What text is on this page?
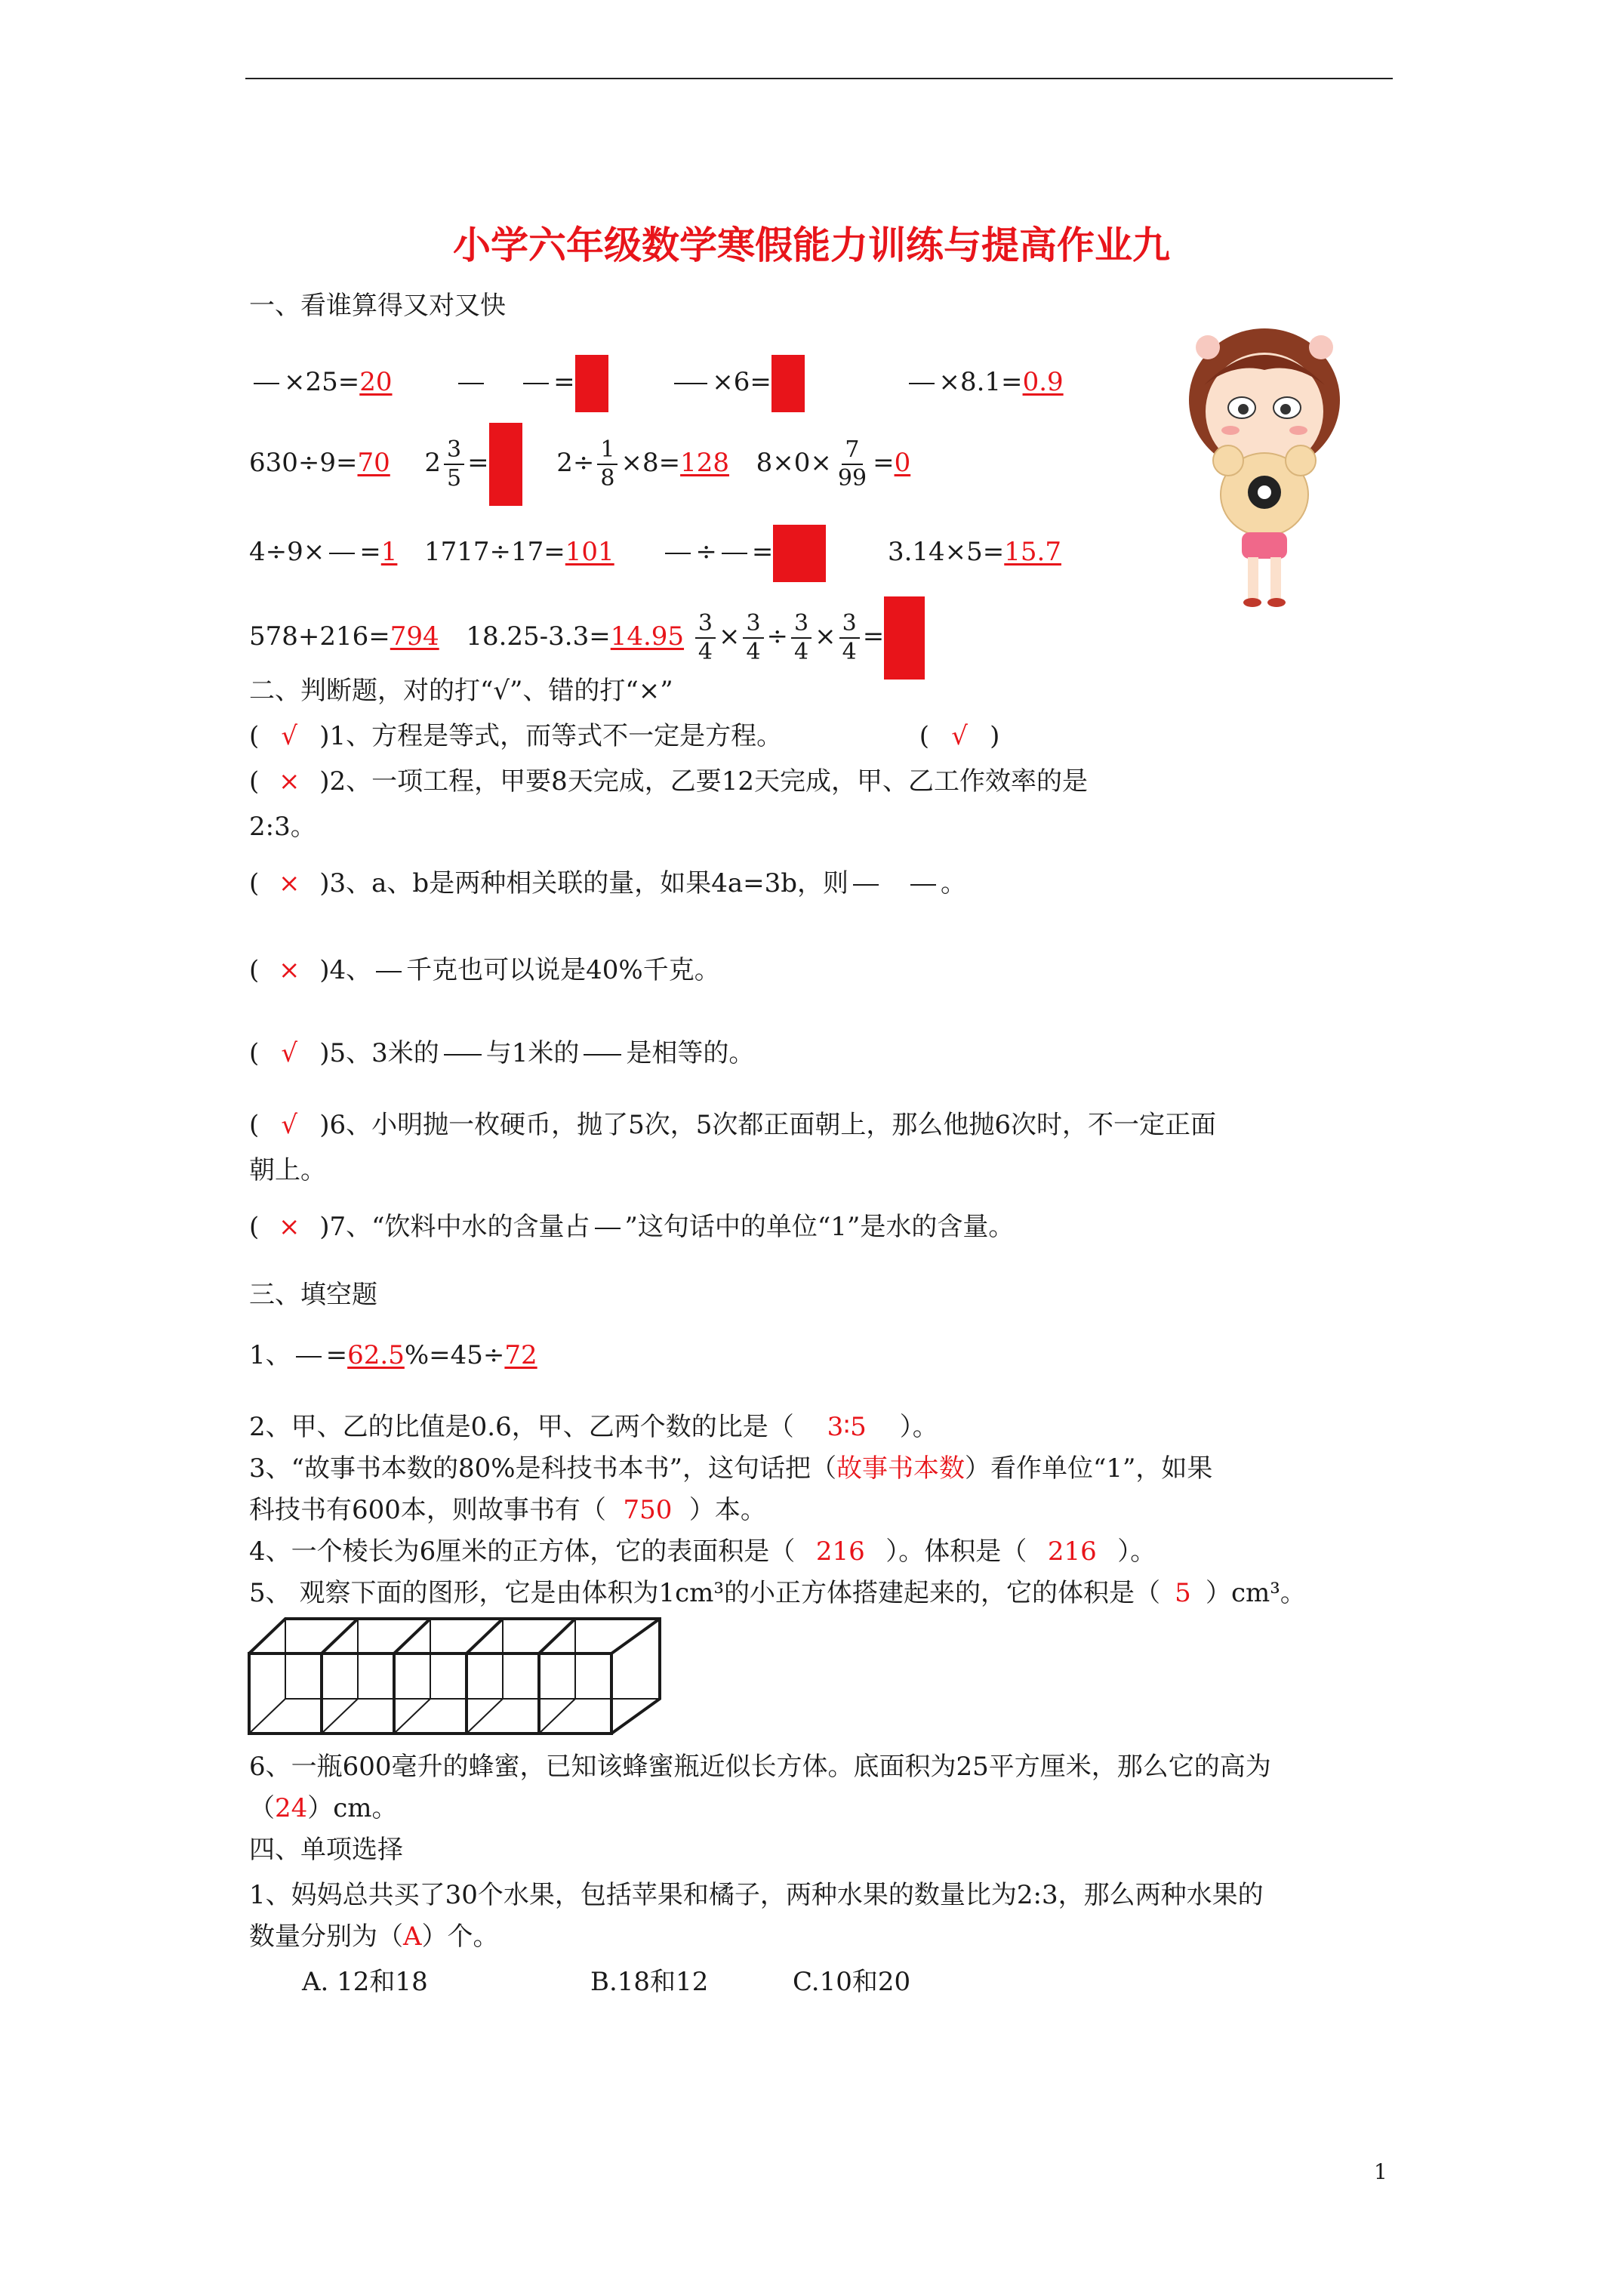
小学六年级数学寒假能力训练与提高作业九
一、看谁算得又对又快
×25=20	=	×6=	×8.1=0.9
630÷9=70 $2 \frac{3}{5}$ =	$2\div \frac{1}{8} \times 8=128$ $8\times 0\times \frac{7}{99} =0$
4÷9× =1 1717÷17=101	÷ =	3.14×5=15.7
578+216=794 $18.25-3.3=14.95 \frac{3}{4} \times \frac{3}{4} \div \frac{3}{4} \times \frac{3}{4}$ =
二、判断题，对的打“√”、错的打“×”
( √ )1、方程是等式，而等式不一定是方程。	( √ )
( × )2、一项工程，甲要8天完成，乙要12天完成，甲、乙工作效率的是
2:3。
( × )3、a、b是两种相关联的量，如果4a=3b，则	。
( × )4、 千克也可以说是40%千克。
( √ )5、3米的 与1米的 是相等的。
( √ )6、小明抛一枚硬币，抛了5次，5次都正面朝上，那么他抛6次时，不一定正面
朝上。
( × )7、“饮料中水的含量占 ”这句话中的单位“1”是水的含量。
三、填空题
1、 =62.5%=45÷72
2、甲、乙的比值是0.6，甲、乙两个数的比是（ 3∶5 ）。
3、“故事书本数的80%是科技书本书”，这句话把（故事书本数）看作单位“1”，如果
科技书有600本，则故事书有（ 750 ）本。
4、一个棱长为6厘米的正方体，它的表面积是（ 216 ）。体积是（ 216 ）。
5、 观察下面的图形，它是由体积为1cm³的小正方体搭建起来的，它的体积是（ 5 ）cm³。
6、一瓶600毫升的蜂蜜，已知该蜂蜜瓶近似长方体。底面积为25平方厘米，那么它的高为
（24）cm。
四、单项选择
1、妈妈总共买了30个水果，包括苹果和橘子，两种水果的数量比为2:3，那么两种水果的
数量分别为（A）个。
A. 12和18	B.18和12	C.10和20
1
